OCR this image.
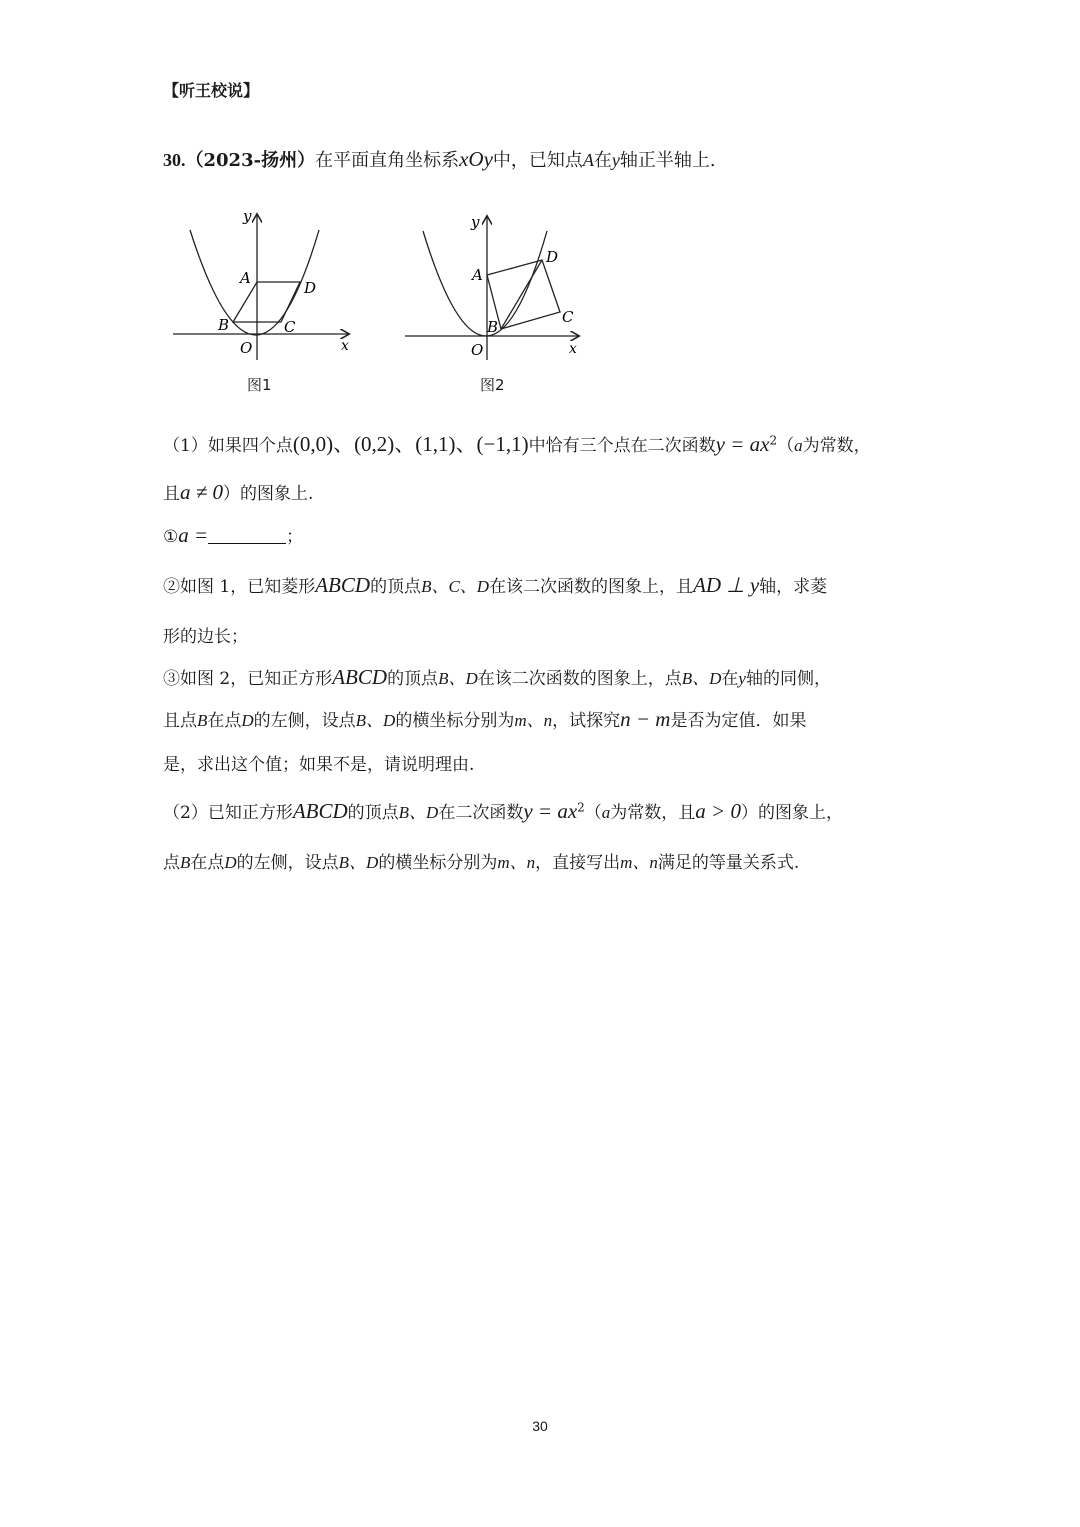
【听王校说】
30.（2023-扬州）在平面直角坐标系xOy中，已知点A在y轴正半轴上.
y
x
O
A
B	C
D
y
x
O
A
B
C
D
图1	图2
（1）如果四个点(0,0)、(0,2)、(1,1)、(−1,1)中恰有三个点在二次函数$y = ax^2(a$为常数，
且a ≠ 0）的图象上.
①a =	；
②如图 1，已知菱形ABCD的顶点B、C、D在该二次函数的图象上，且AD ⊥ y轴，求菱
形的边长；
③如图 2，已知正方形ABCD的顶点B、D在该二次函数的图象上，点B、D在y轴的同侧，
且点B在点D的左侧，设点B、D的横坐标分别为m、n，试探究n − m是否为定值．如果
是，求出这个值；如果不是，请说明理由.
（2）已知正方形ABCD的顶点B、D在二次函数$y = ax^2(a$为常数，且a > 0）的图象上，
点B在点D的左侧，设点B、D的横坐标分别为m、n，直接写出m、n满足的等量关系式.
30
